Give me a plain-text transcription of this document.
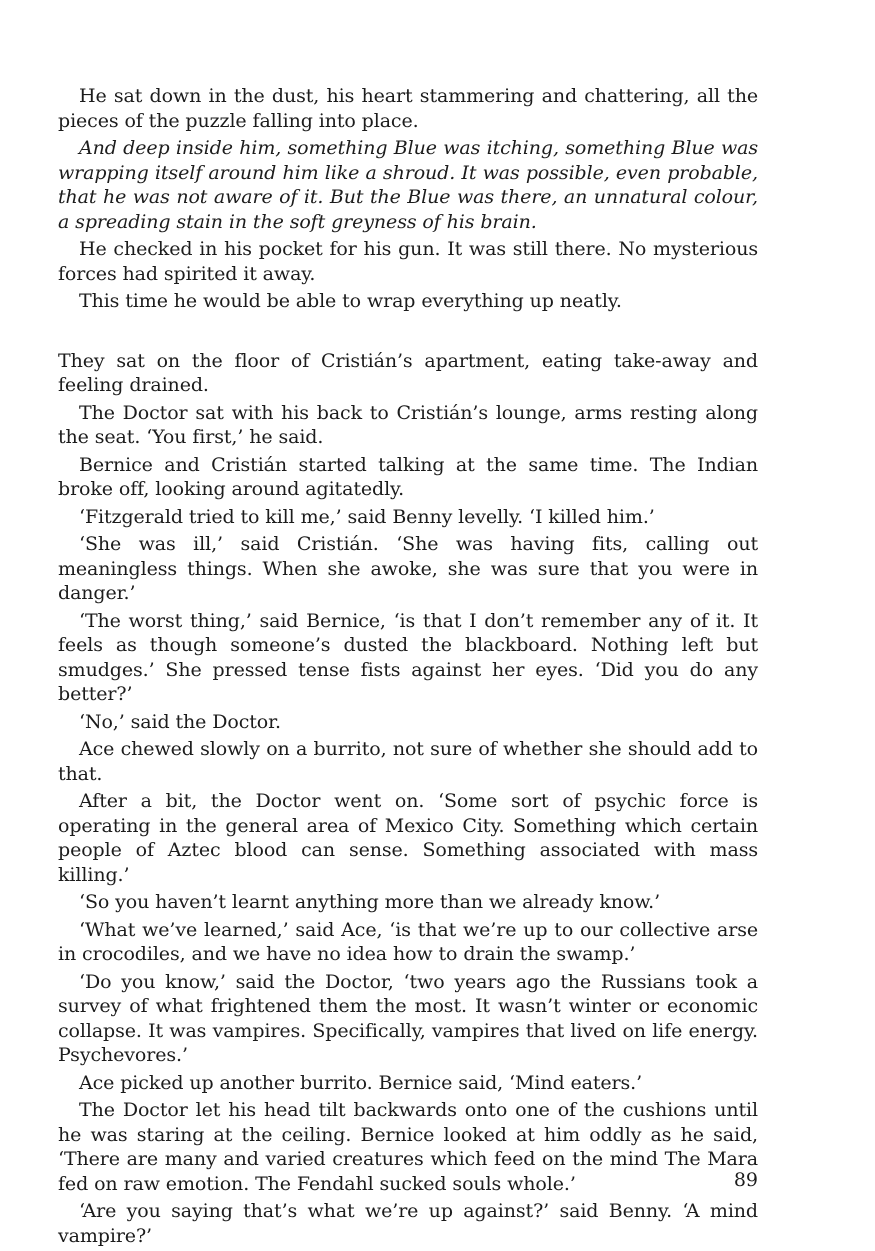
He sat down in the dust, his heart stammering and chattering, all the pieces of the puzzle falling into place.

And deep inside him, something Blue was itching, something Blue was wrapping itself around him like a shroud. It was possible, even probable, that he was not aware of it. But the Blue was there, an unnatural colour, a spreading stain in the soft greyness of his brain.

He checked in his pocket for his gun. It was still there. No mysterious forces had spirited it away.

This time he would be able to wrap everything up neatly.

They sat on the floor of Cristián’s apartment, eating take-away and feeling drained.

The Doctor sat with his back to Cristián’s lounge, arms resting along the seat. ‘You first,’ he said.

Bernice and Cristián started talking at the same time. The Indian broke off, looking around agitatedly.

‘Fitzgerald tried to kill me,’ said Benny levelly. ‘I killed him.’

‘She was ill,’ said Cristián. ‘She was having fits, calling out meaningless things. When she awoke, she was sure that you were in danger.’

‘The worst thing,’ said Bernice, ‘is that I don’t remember any of it. It feels as though someone’s dusted the blackboard. Nothing left but smudges.’ She pressed tense fists against her eyes. ‘Did you do any better?’

‘No,’ said the Doctor.

Ace chewed slowly on a burrito, not sure of whether she should add to that.

After a bit, the Doctor went on. ‘Some sort of psychic force is operating in the general area of Mexico City. Something which certain people of Aztec blood can sense. Something associated with mass killing.’

‘So you haven’t learnt anything more than we already know.’

‘What we’ve learned,’ said Ace, ‘is that we’re up to our collective arse in crocodiles, and we have no idea how to drain the swamp.’

‘Do you know,’ said the Doctor, ‘two years ago the Russians took a survey of what frightened them the most. It wasn’t winter or economic collapse. It was vampires. Specifically, vampires that lived on life energy. Psychevores.’

Ace picked up another burrito. Bernice said, ‘Mind eaters.’

The Doctor let his head tilt backwards onto one of the cushions until he was staring at the ceiling. Bernice looked at him oddly as he said, ‘There are many and varied creatures which feed on the mind The Mara fed on raw emotion. The Fendahl sucked souls whole.’

‘Are you saying that’s what we’re up against?’ said Benny. ‘A mind vampire?’

89
